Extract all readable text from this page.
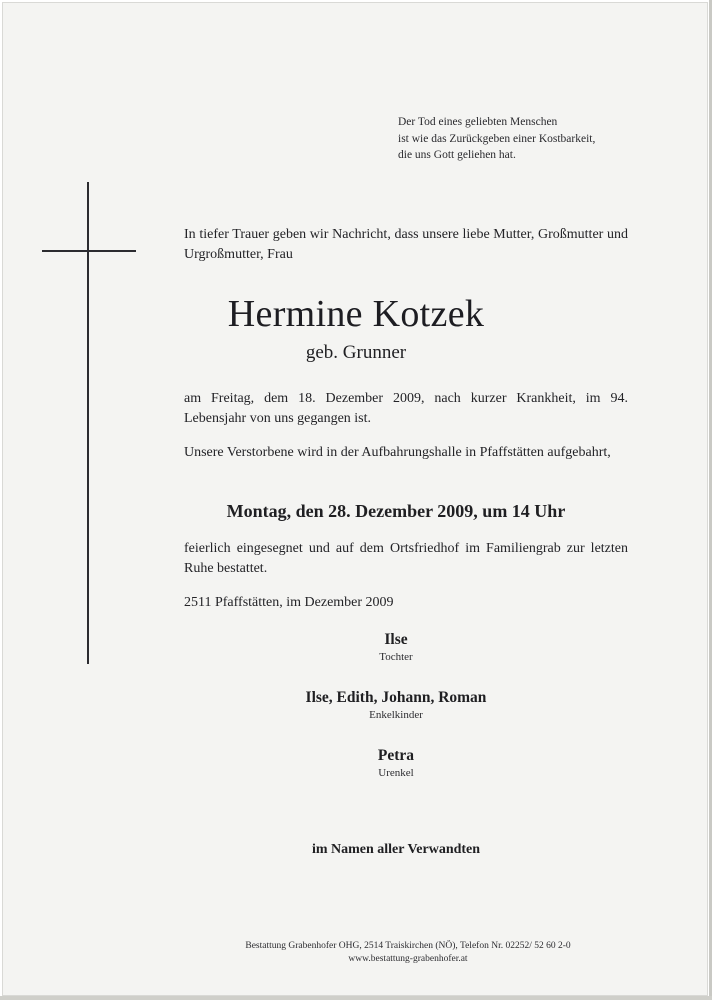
Der Tod eines geliebten Menschen
ist wie das Zurückgeben einer Kostbarkeit,
die uns Gott geliehen hat.
In tiefer Trauer geben wir Nachricht, dass unsere liebe Mutter, Großmutter und Urgroßmutter, Frau
Hermine Kotzek
geb. Grunner
am Freitag, dem 18. Dezember 2009, nach kurzer Krankheit, im 94. Lebensjahr von uns gegangen ist.
Unsere Verstorbene wird in der Aufbahrungshalle in Pfaffstätten aufgebahrt,
Montag, den 28. Dezember 2009, um 14 Uhr
feierlich eingesegnet und auf dem Ortsfriedhof im Familiengrab zur letzten Ruhe bestattet.
2511 Pfaffstätten, im Dezember 2009
Ilse
Tochter
Ilse, Edith, Johann, Roman
Enkelkinder
Petra
Urenkel
im Namen aller Verwandten
Bestattung Grabenhofer OHG, 2514 Traiskirchen (NÖ), Telefon Nr. 02252/ 52 60 2-0
www.bestattung-grabenhofer.at
